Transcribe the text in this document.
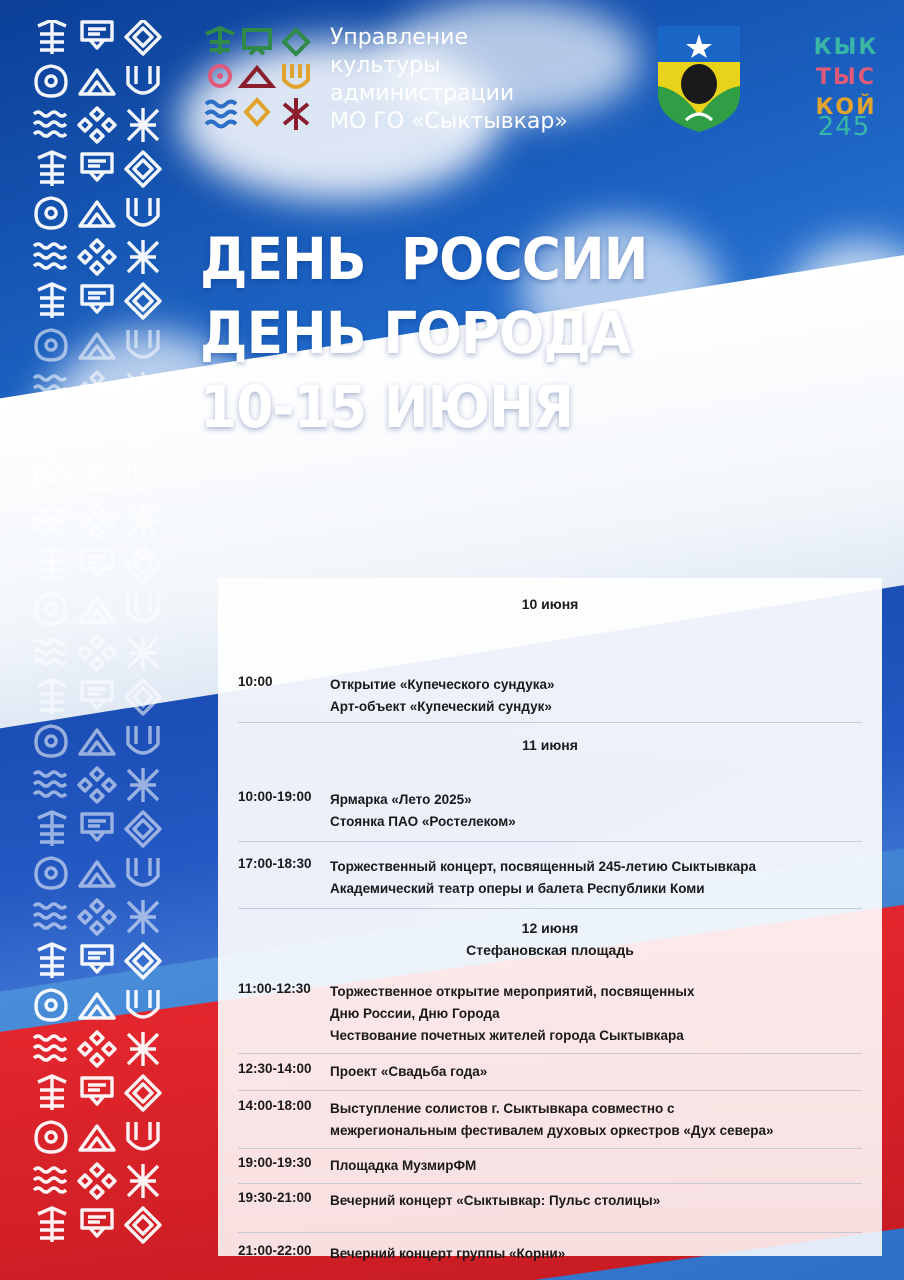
Управление
культуры
администрации
МО ГО «Сыктывкар»
КЫК
ТЫС
КОЙ
245
ДЕНЬ  РОССИИ
ДЕНЬ ГОРОДА
10-15 ИЮНЯ
10 июня
10:00	Открытие «Купеческого сундука»
Арт-объект «Купеческий сундук»
11 июня
10:00-19:00	Ярмарка «Лето 2025»
Стоянка ПАО «Ростелеком»
17:00-18:30	Торжественный концерт, посвященный 245-летию Сыктывкара
Академический театр оперы и балета Республики Коми
12 июня
Стефановская площадь
11:00-12:30	Торжественное открытие мероприятий, посвященных
Дню России, Дню Города
Чествование почетных жителей города Сыктывкара
12:30-14:00	Проект «Свадьба года»
14:00-18:00	Выступление солистов г. Сыктывкара совместно с
межрегиональным фестивалем духовых оркестров «Дух севера»
19:00-19:30	Площадка МузмирФМ
19:30-21:00	Вечерний концерт «Сыктывкар: Пульс столицы»
21:00-22:00	Вечерний концерт группы «Корни»
